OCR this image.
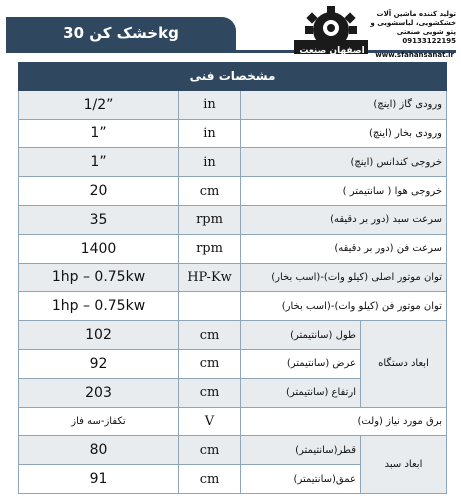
خشک کن 30kg
اصفهان صنعت
تولید کننده ماشین آلات
خشکشویی، لباسشویی و
پتو شویی صنعتی
09133122195
www.sfahansanat.ir
مشخصات فنی			
1/2”	in	ورودی گاز (اینچ)	
1”	in	ورودی بخار (اینچ)	
1”	in	خروجی کندانس (اینچ)	
20	cm	خروجی هوا ( سانتیمتر )	
35	rpm	سرعت سبد (دور بر دقیقه)	
1400	rpm	سرعت فن (دور بر دقیقه)	
1hp – 0.75kw	HP-Kw	توان موتور اصلی (کیلو وات)-(اسب بخار)	
1hp – 0.75kw		توان موتور فن (کیلو وات)-(اسب بخار)	
102	cm	طول (سانتیمتر)	ابعاد دستگاه
92	cm	عرض (سانتیمتر)	
203	cm	ارتفاع (سانتیمتر)	
تکفاز-سه فاز	V	برق مورد نیاز (ولت)	
80	cm	قطر(سانتیمتر)	ابعاد سبد
91	cm	عمق(سانتیمتر)	
